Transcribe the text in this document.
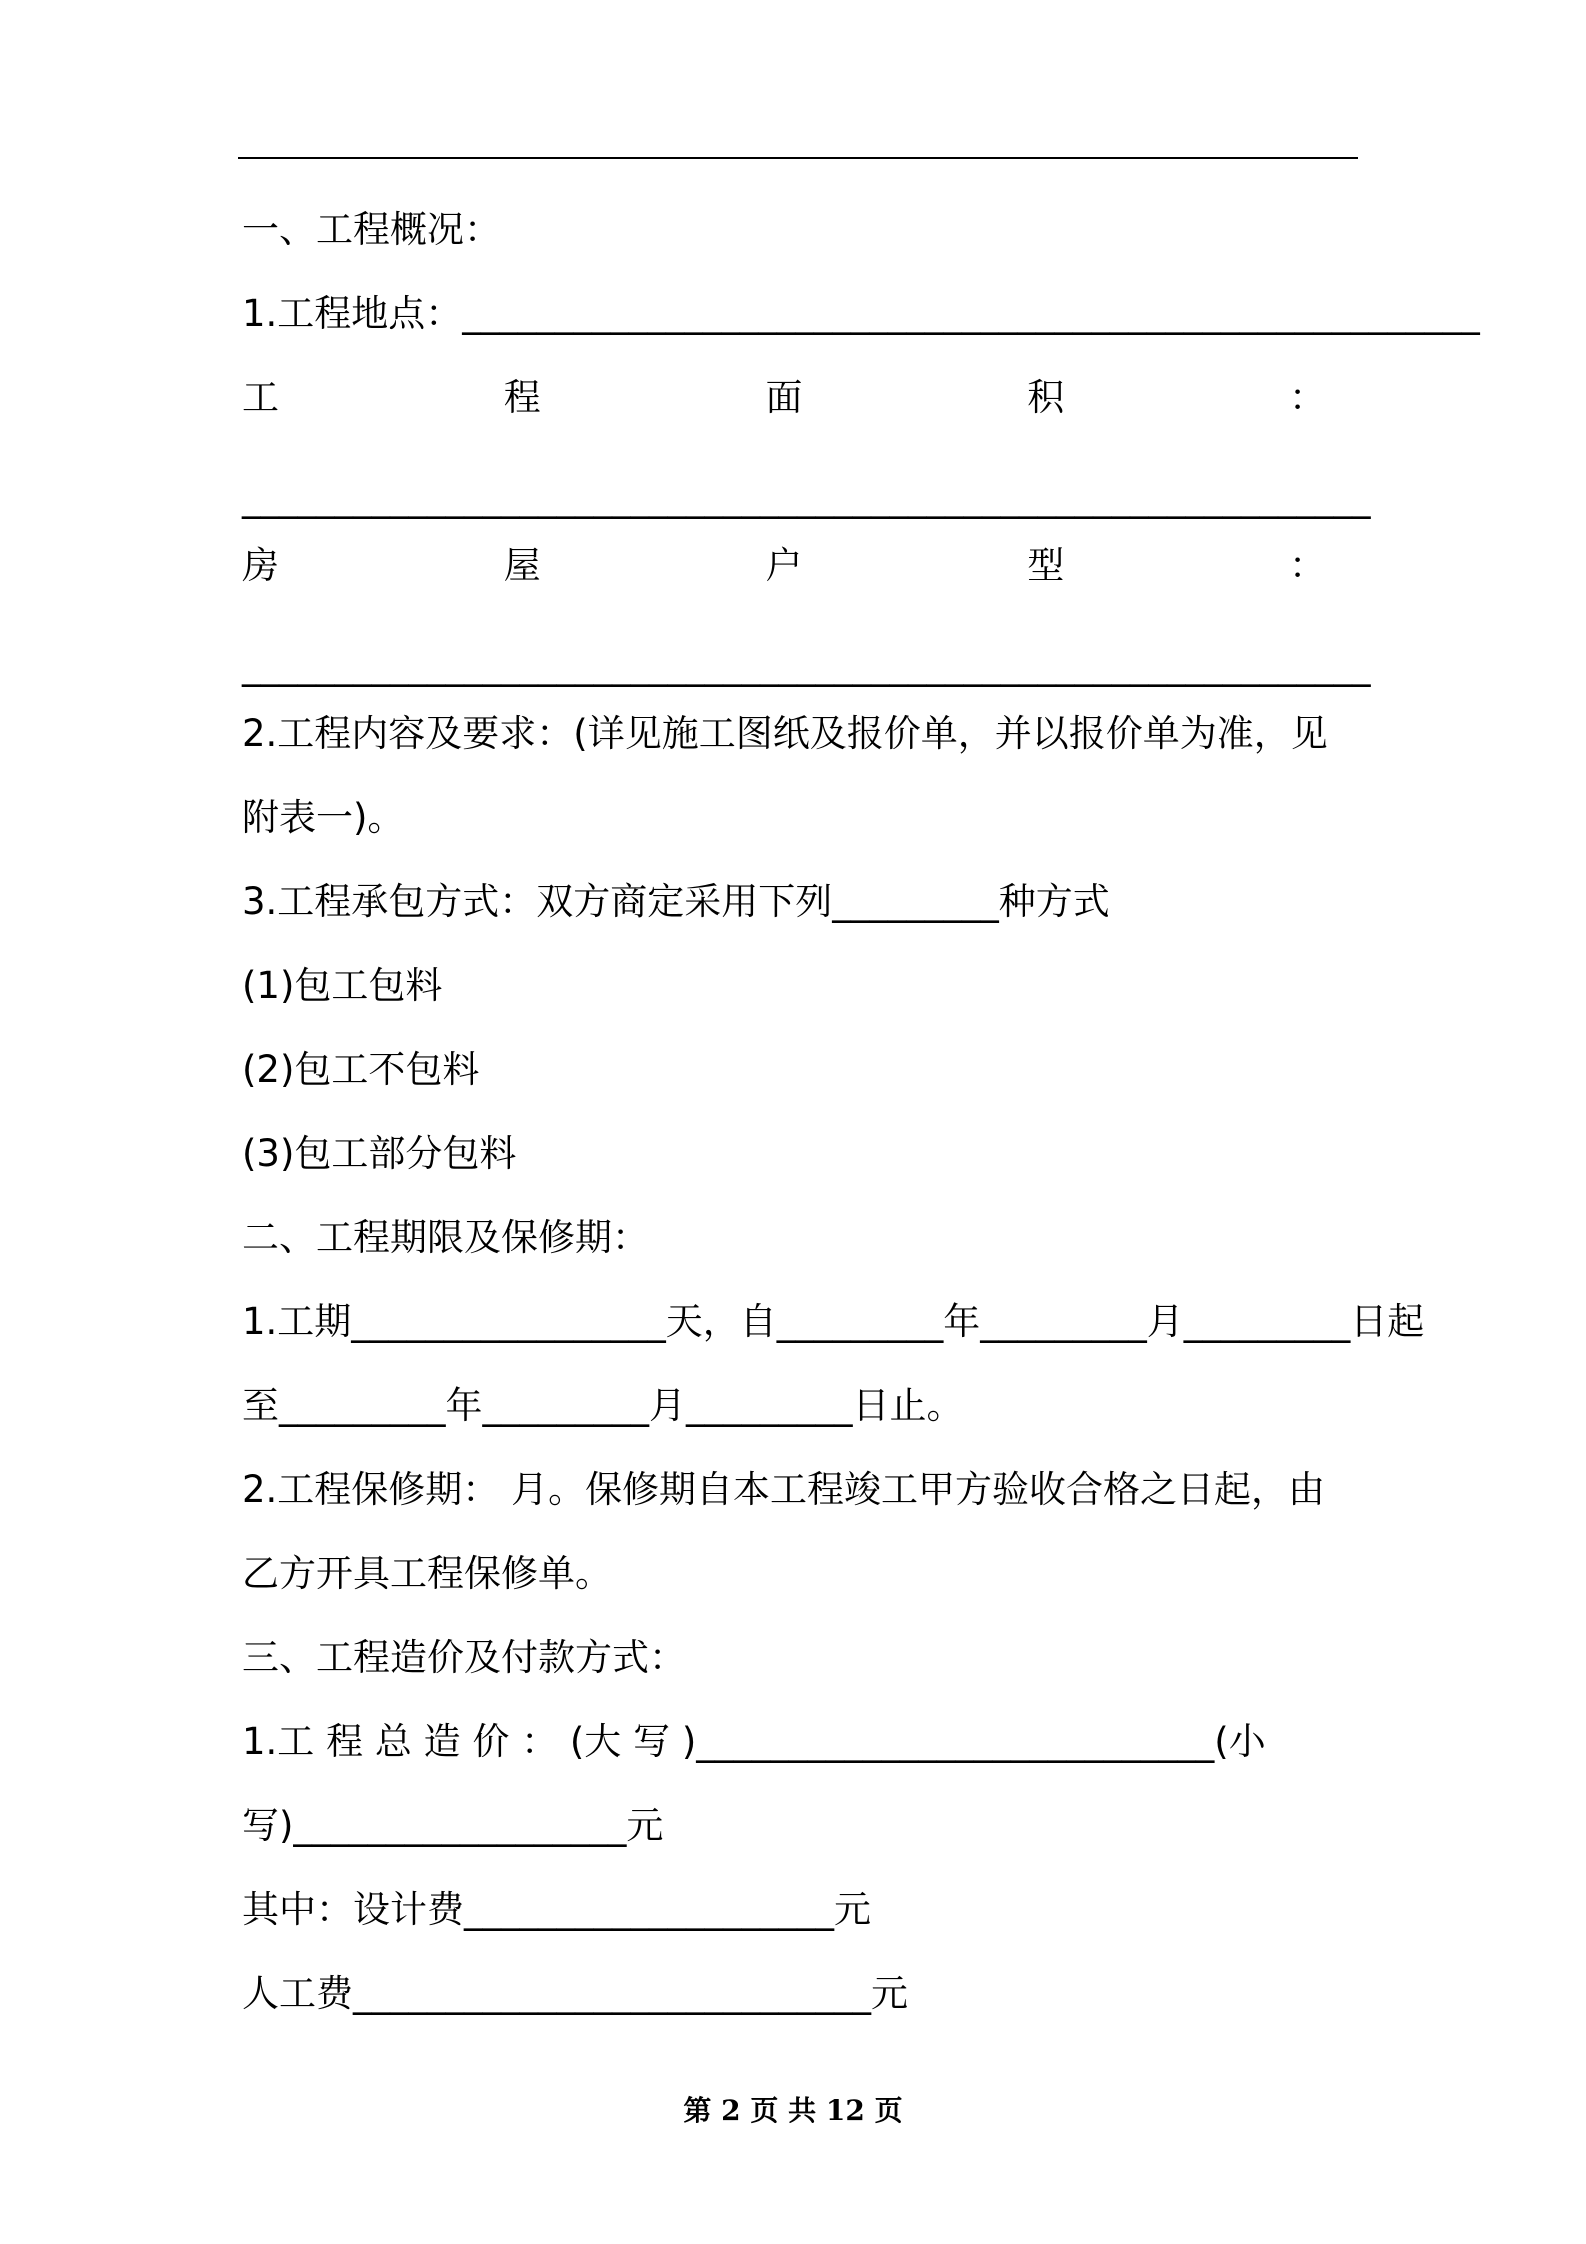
一、工程概况：
1.工程地点：_______________________________________________________
工	程	面	积	：
_____________________________________________________________
房	屋	户	型	：
_____________________________________________________________
2.工程内容及要求：(详见施工图纸及报价单，并以报价单为准，见
附表一)。
3.工程承包方式：双方商定采用下列_________种方式
(1)包工包料
(2)包工不包料
(3)包工部分包料
二、工程期限及保修期：
1.工期_________________天，自_________年_________月_________日起
至_________年_________月_________日止。
2.工程保修期： 月。保修期自本工程竣工甲方验收合格之日起，由
乙方开具工程保修单。
三、工程造价及付款方式：
1.工 程 总 造 价 ： (大 写 )____________________________(小
写)__________________元
其中：设计费____________________元
人工费____________________________元
第 2 页 共 12 页
